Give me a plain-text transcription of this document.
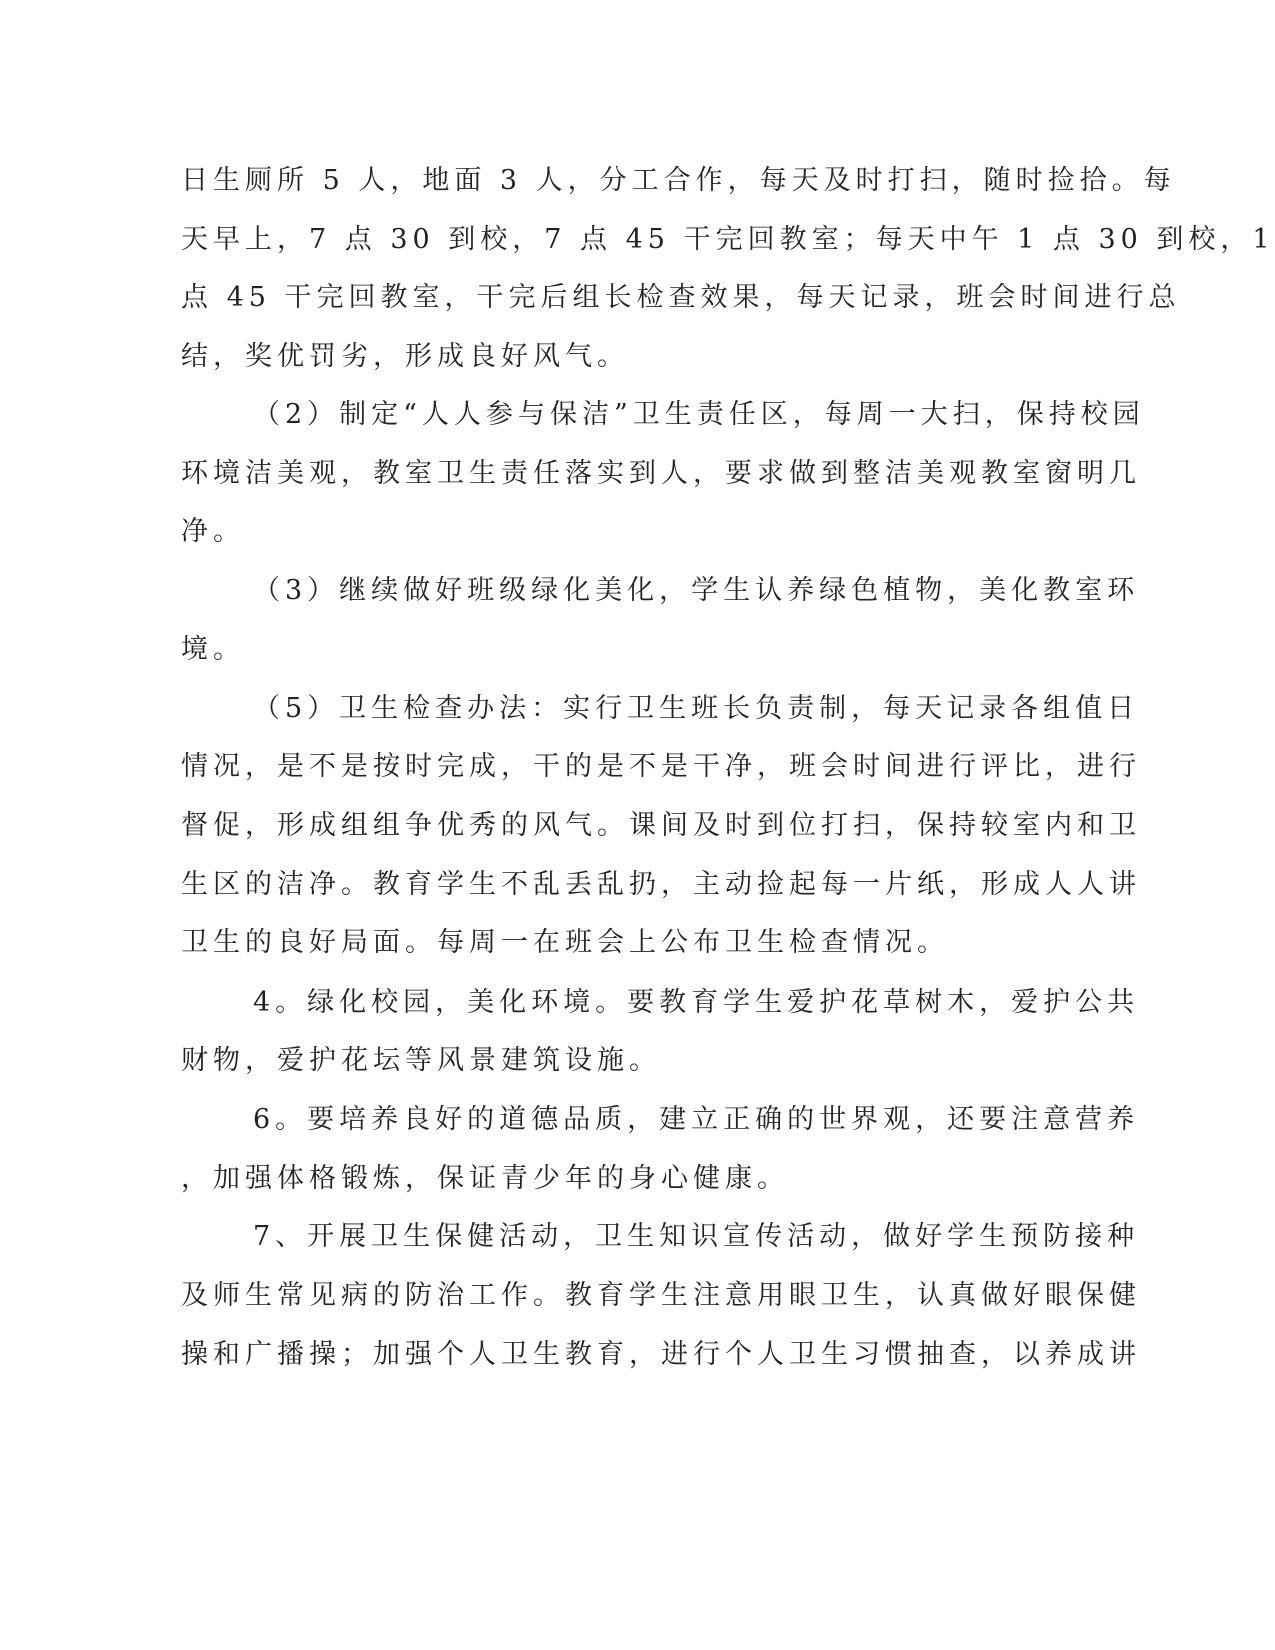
日生厕所 5 人，地面 3 人，分工合作，每天及时打扫，随时捡拾。每
天早上，7 点 30 到校，7 点 45 干完回教室；每天中午 1 点 30 到校，1
点 45 干完回教室，干完后组长检查效果，每天记录，班会时间进行总
结，奖优罚劣，形成良好风气。
（2）制定“人人参与保洁”卫生责任区，每周一大扫，保持校园
环境洁美观，教室卫生责任落实到人，要求做到整洁美观教室窗明几
净。
（3）继续做好班级绿化美化，学生认养绿色植物，美化教室环
境。
（5）卫生检查办法：实行卫生班长负责制，每天记录各组值日
情况，是不是按时完成，干的是不是干净，班会时间进行评比，进行
督促，形成组组争优秀的风气。课间及时到位打扫，保持较室内和卫
生区的洁净。教育学生不乱丢乱扔，主动捡起每一片纸，形成人人讲
卫生的良好局面。每周一在班会上公布卫生检查情况。
4。绿化校园，美化环境。要教育学生爱护花草树木，爱护公共
财物，爱护花坛等风景建筑设施。
6。要培养良好的道德品质，建立正确的世界观，还要注意营养
，加强体格锻炼，保证青少年的身心健康。
7、开展卫生保健活动，卫生知识宣传活动，做好学生预防接种
及师生常见病的防治工作。教育学生注意用眼卫生，认真做好眼保健
操和广播操；加强个人卫生教育，进行个人卫生习惯抽查，以养成讲
